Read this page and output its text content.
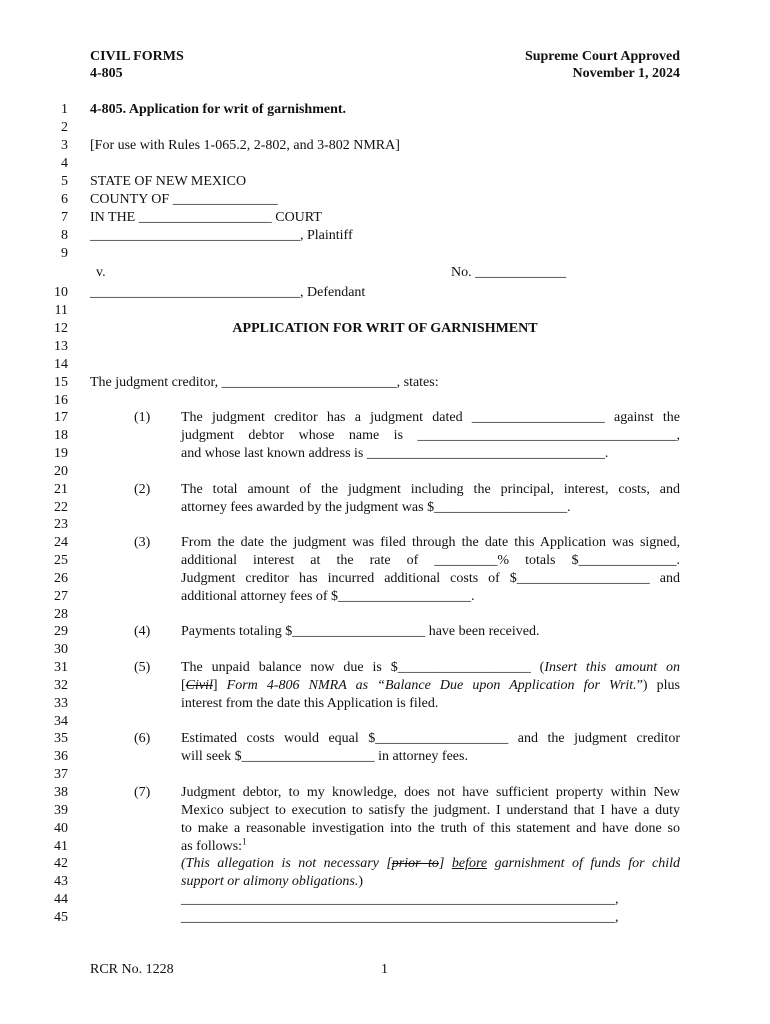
CIVIL FORMS
4-805
Supreme Court Approved
November 1, 2024
1
2
3
4
5
6
7
8
9
10
11
12
13
14
15
16
17
18
19
20
21
22
23
24
25
26
27
28
29
30
31
32
33
34
35
36
37
38
39
40
41
42
43
44
45
4-805. Application for writ of garnishment.
[For use with Rules 1-065.2, 2-802, and 3-802 NMRA]
STATE OF NEW MEXICO
COUNTY OF _______________
IN THE ___________________ COURT
______________________________, Plaintiff
v.	No. _____________
______________________________, Defendant
APPLICATION FOR WRIT OF GARNISHMENT
The judgment creditor, _________________________, states:
(1) The judgment creditor has a judgment dated ___________________ against the
judgment debtor whose name is _____________________________________,
and whose last known address is __________________________________.
(2) The total amount of the judgment including the principal, interest, costs, and
attorney fees awarded by the judgment was $___________________.
(3) From the date the judgment was filed through the date this Application was signed,
additional interest at the rate of _________% totals $______________.
Judgment creditor has incurred additional costs of $___________________ and
additional attorney fees of $___________________.
(4) Payments totaling $___________________ have been received.
(5) The unpaid balance now due is $___________________ (Insert this amount on
[Civil] Form 4-806 NMRA as “Balance Due upon Application for Writ.”) plus
interest from the date this Application is filed.
(6) Estimated costs would equal $___________________ and the judgment creditor
will seek $___________________ in attorney fees.
(7) Judgment debtor, to my knowledge, does not have sufficient property within New
Mexico subject to execution to satisfy the judgment. I understand that I have a duty
to make a reasonable investigation into the truth of this statement and have done so
as follows:$^1$
(This allegation is not necessary [prior to] before garnishment of funds for child
support or alimony obligations.)
______________________________________________________________,
______________________________________________________________,
RCR No. 1228	1
